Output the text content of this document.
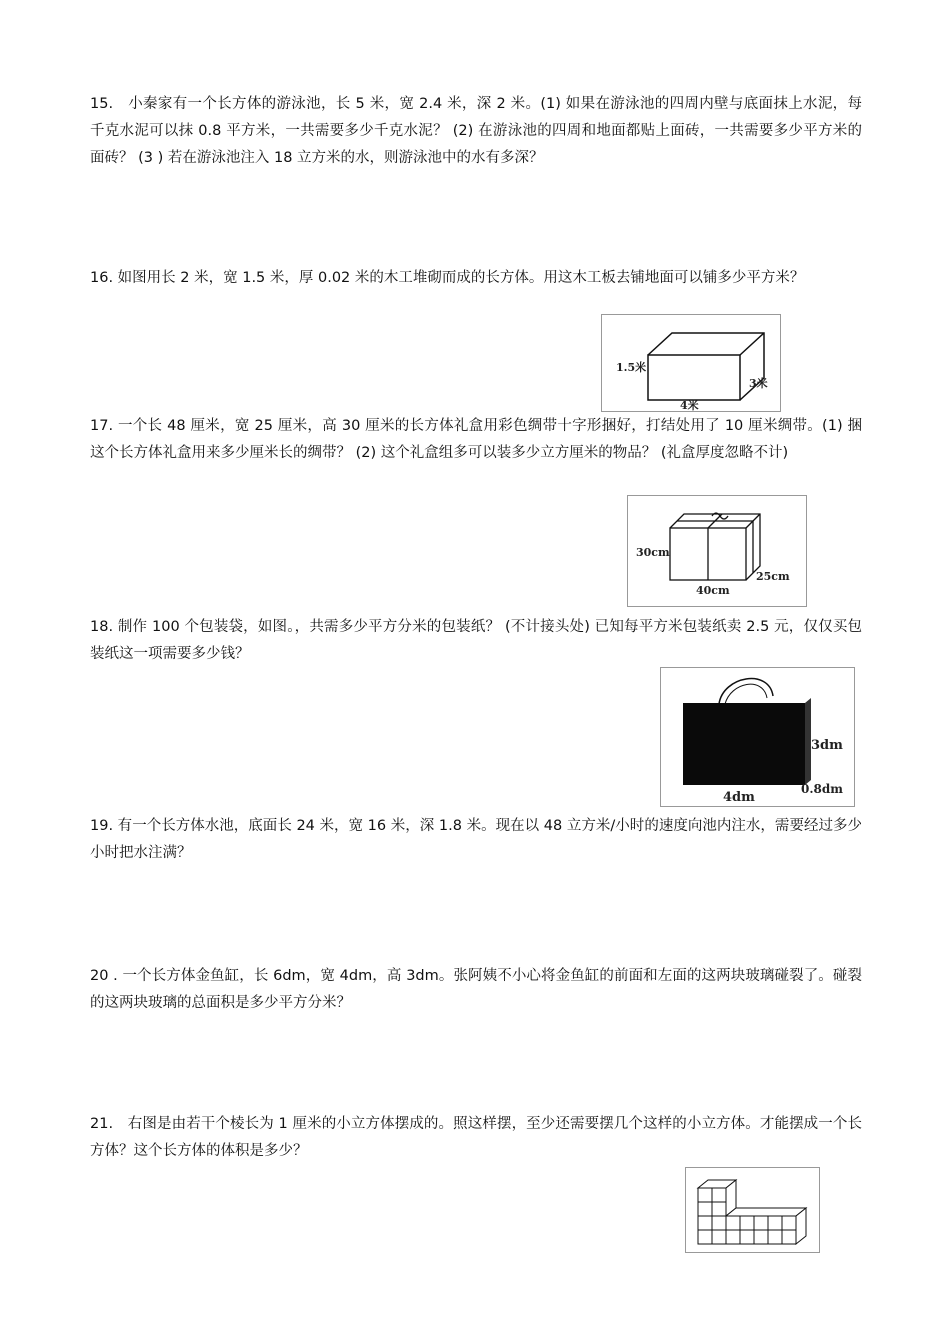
15.　小秦家有一个长方体的游泳池，长 5 米，宽 2.4 米，深 2 米。(1) 如果在游泳池的四周内壁与底面抹上水泥，每 千克水泥可以抹 0.8 平方米，一共需要多少千克水泥？ (2) 在游泳池的四周和地面都贴上面砖，一共需要多少平方米的面砖？ (3 ) 若在游泳池注入 18 立方米的水，则游泳池中的水有多深？
16. 如图用长 2 米，宽 1.5 米，厚 0.02 米的木工堆砌而成的长方体。用这木工板去铺地面可以铺多少平方米？
17. 一个长 48 厘米，宽 25 厘米，高 30 厘米的长方体礼盒用彩色绸带十字形捆好，打结处用了 10 厘米绸带。(1) 捆这个长方体礼盒用来多少厘米长的绸带？ (2) 这个礼盒组多可以装多少立方厘米的物品？ (礼盒厚度忽略不计)
18. 制作 100 个包装袋，如图。，共需多少平方分米的包装纸？ (不计接头处) 已知每平方米包装纸卖 2.5 元，仅仅买包装纸这一项需要多少钱？
19. 有一个长方体水池，底面长 24 米，宽 16 米，深 1.8 米。现在以 48 立方米/小时的速度向池内注水，需要经过多少小时把水注满？
20 . 一个长方体金鱼缸，长 6dm，宽 4dm，高 3dm。张阿姨不小心将金鱼缸的前面和左面的这两块玻璃碰裂了。碰裂的这两块玻璃的总面积是多少平方分米？
21.　右图是由若干个棱长为 1 厘米的小立方体摆成的。照这样摆，至少还需要摆几个这样的小立方体。才能摆成一个长方体？这个长方体的体积是多少？
1.5米
3米
4米
30cm
25cm
40cm
3dm
0.8dm
4dm
